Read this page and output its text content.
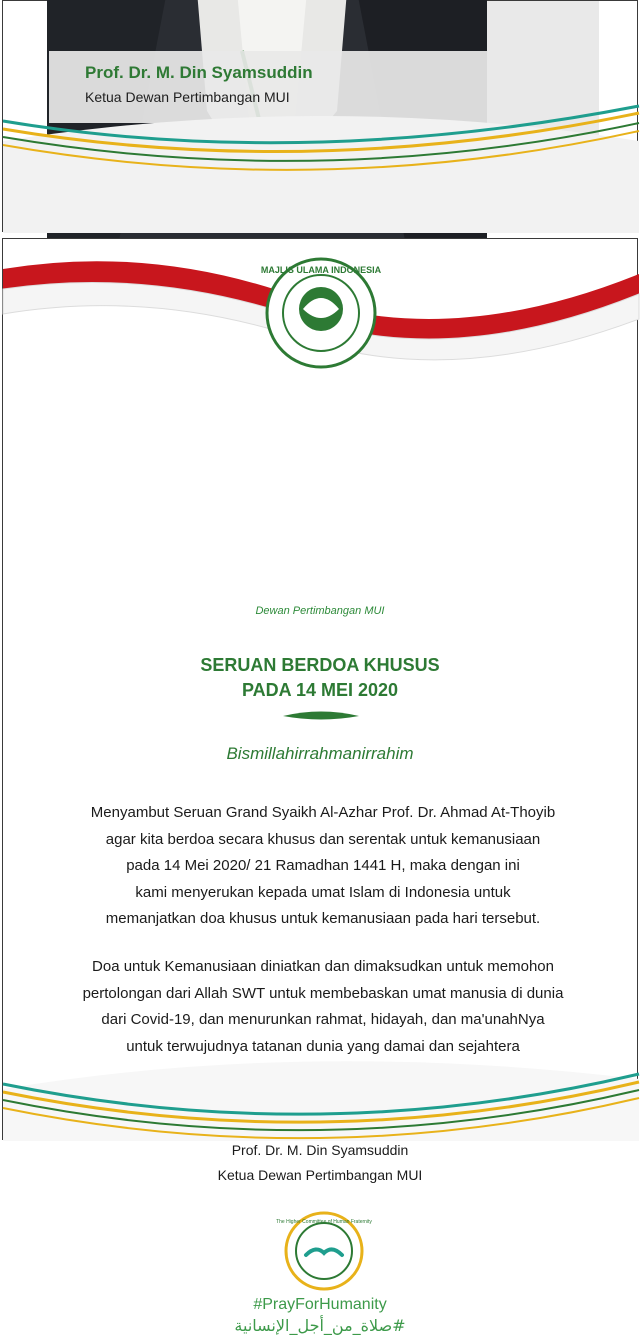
Prof. Dr. M. Din Syamsuddin

Ketua Dewan Pertimbangan MUI

MAJLIS ULAMA INDONESIA

Dewan Pertimbangan MUI

SERUAN BERDOA KHUSUS

PADA 14 MEI 2020

Bismillahirrahmanirrahim

Menyambut Seruan Grand Syaikh Al-Azhar Prof. Dr. Ahmad At-Thoyib
agar kita berdoa secara khusus dan serentak untuk kemanusiaan
pada 14 Mei 2020/ 21 Ramadhan 1441 H, maka dengan ini
kami menyerukan kepada umat Islam di Indonesia untuk
memanjatkan doa khusus untuk kemanusiaan pada hari tersebut.

Doa untuk Kemanusiaan diniatkan dan dimaksudkan untuk memohon
pertolongan dari Allah SWT untuk membebaskan umat manusia di dunia
dari Covid-19, dan menurunkan rahmat, hidayah, dan ma'unahNya
untuk terwujudnya tatanan dunia yang damai dan sejahtera

Prof. Dr. M. Din Syamsuddin

Ketua Dewan Pertimbangan MUI

The Higher Committee of Human Fraternity

#PrayForHumanity

#صلاة_من_أجل_الإنسانية
